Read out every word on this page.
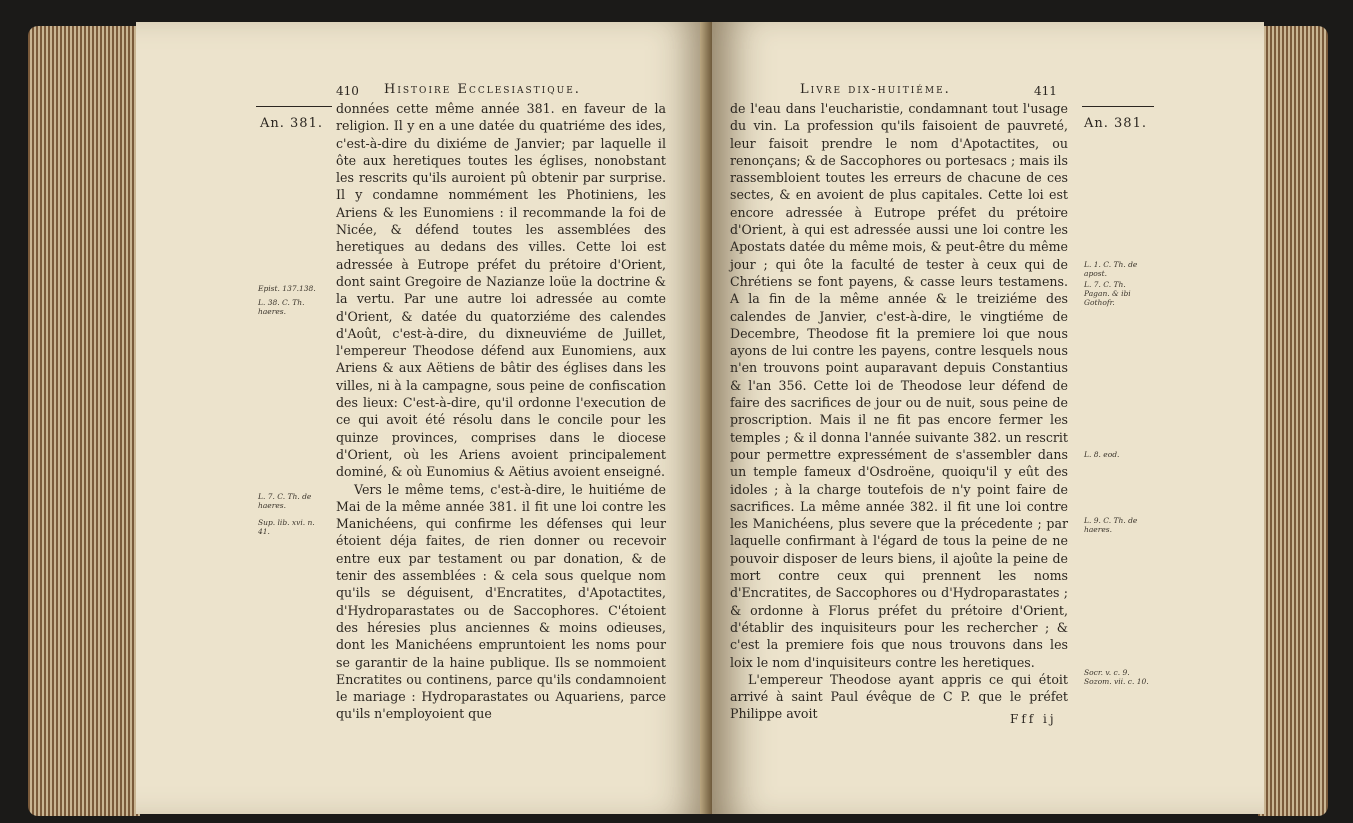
An. 381.
410 Histoire Ecclesiastique.

données cette même année 381. en faveur de la religion. Il y en a une datée du quatriéme des ides, c'est-à-dire du dixiéme de Janvier; par laquelle il ôte aux heretiques toutes les églises, nonobstant les rescrits qu'ils auroient pû obtenir par surprise. Il y condamne nommément les Photiniens, les Ariens & les Eunomiens : il recommande la foi de Nicée, & défend toutes les assemblées des heretiques au dedans des villes. Cette loi est adressée à Eutrope préfet du prétoire d'Orient, dont saint Gregoire de Nazianze loüe la doctrine & la vertu. Par une autre loi adressée au comte d'Orient, & datée du quatorziéme des calendes d'Août, c'est-à-dire, du dixneuviéme de Juillet, l'empereur Theodose défend aux Eunomiens, aux Ariens & aux Aëtiens de bâtir des églises dans les villes, ni à la campagne, sous peine de confiscation des lieux: C'est-à-dire, qu'il ordonne l'execution de ce qui avoit été résolu dans le concile pour les quinze provinces, comprises dans le diocese d'Orient, où les Ariens avoient principalement dominé, & où Eunomius & Aëtius avoient enseigné.

Vers le même tems, c'est-à-dire, le huitiéme de Mai de la même année 381. il fit une loi contre les Manichéens, qui confirme les défenses qui leur étoient déja faites, de rien donner ou recevoir entre eux par testament ou par donation, & de tenir des assemblées : & cela sous quelque nom qu'ils se déguisent, d'Encratites, d'Apotactites, d'Hydroparastates ou de Saccophores. C'étoient des héresies plus anciennes & moins odieuses, dont les Manichéens empruntoient les noms pour se garantir de la haine publique. Ils se nommoient Encratites ou continens, parce qu'ils condamnoient le mariage : Hydroparastates ou Aquariens, parce qu'ils n'employoient que

Epist. 137.138.
L. 38. C. Th. haeres.
L. 7. C. Th. de haeres.
Sup. lib. xvi. n. 41.
Livre dix-huitiéme.	411
An. 381.

de l'eau dans l'eucharistie, condamnant tout l'usage du vin. La profession qu'ils faisoient de pauvreté, leur faisoit prendre le nom d'Apotactites, ou renonçans; & de Saccophores ou portesacs ; mais ils rassembloient toutes les erreurs de chacune de ces sectes, & en avoient de plus capitales. Cette loi est encore adressée à Eutrope préfet du prétoire d'Orient, à qui est adressée aussi une loi contre les Apostats datée du même mois, & peut-être du même jour ; qui ôte la faculté de tester à ceux qui de Chrétiens se font payens, & casse leurs testamens. A la fin de la même année & le treiziéme des calendes de Janvier, c'est-à-dire, le vingtiéme de Decembre, Theodose fit la premiere loi que nous ayons de lui contre les payens, contre lesquels nous n'en trouvons point auparavant depuis Constantius & l'an 356. Cette loi de Theodose leur défend de faire des sacrifices de jour ou de nuit, sous peine de proscription. Mais il ne fit pas encore fermer les temples ; & il donna l'année suivante 382. un rescrit pour permettre expressément de s'assembler dans un temple fameux d'Osdroëne, quoiqu'il y eût des idoles ; à la charge toutefois de n'y point faire de sacrifices. La même année 382. il fit une loi contre les Manichéens, plus severe que la précedente ; par laquelle confirmant à l'égard de tous la peine de ne pouvoir disposer de leurs biens, il ajoûte la peine de mort contre ceux qui prennent les noms d'Encratites, de Saccophores ou d'Hydroparastates ; & ordonne à Florus préfet du prétoire d'Orient, d'établir des inquisiteurs pour les rechercher ; & c'est la premiere fois que nous trouvons dans les loix le nom d'inquisiteurs contre les heretiques.

L'empereur Theodose ayant appris ce qui étoit arrivé à saint Paul évêque de C P. que le préfet Philippe avoit

L. 1. C. Th. de apost.
L. 7. C. Th. Pagan. & ibi Gothofr.
L. 8. eod.
L. 9. C. Th. de haeres.
Socr. v. c. 9. Sozom. vii. c. 10.
Fff ij
